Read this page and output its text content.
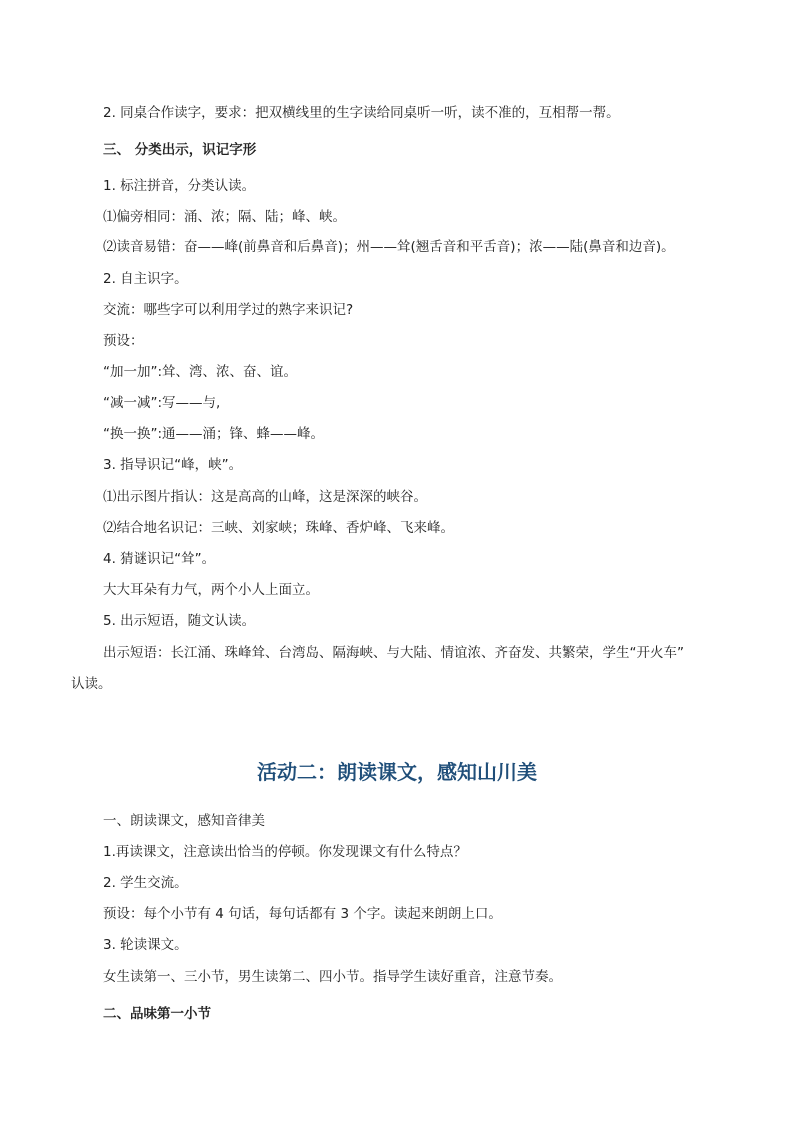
2. 同桌合作读字，要求：把双横线里的生字读给同桌听一听，读不准的，互相帮一帮。
三、 分类出示，识记字形
1. 标注拼音，分类认读。
⑴偏旁相同：涌、浓；隔、陆；峰、峡。
⑵读音易错：奋——峰(前鼻音和后鼻音)；州——耸(翘舌音和平舌音)；浓——陆(鼻音和边音)。
2. 自主识字。
交流：哪些字可以利用学过的熟字来识记?
预设：
“加一加”:耸、湾、浓、奋、谊。
“减一减”:写——与,
“换一换”:通——涌；锋、蜂——峰。
3. 指导识记“峰，峡”。
⑴出示图片指认：这是高高的山峰，这是深深的峡谷。
⑵结合地名识记：三峡、刘家峡；珠峰、香炉峰、飞来峰。
4. 猜谜识记“耸”。
大大耳朵有力气，两个小人上面立。
5. 出示短语，随文认读。
出示短语：长江涌、珠峰耸、台湾岛、隔海峡、与大陆、情谊浓、齐奋发、共繁荣，学生“开火车”
认读。
活动二：朗读课文，感知山川美
一、朗读课文，感知音律美
1.再读课文，注意读出恰当的停顿。你发现课文有什么特点？
2. 学生交流。
预设：每个小节有 4 句话，每句话都有 3 个字。读起来朗朗上口。
3. 轮读课文。
女生读第一、三小节，男生读第二、四小节。指导学生读好重音，注意节奏。
二、品味第一小节
